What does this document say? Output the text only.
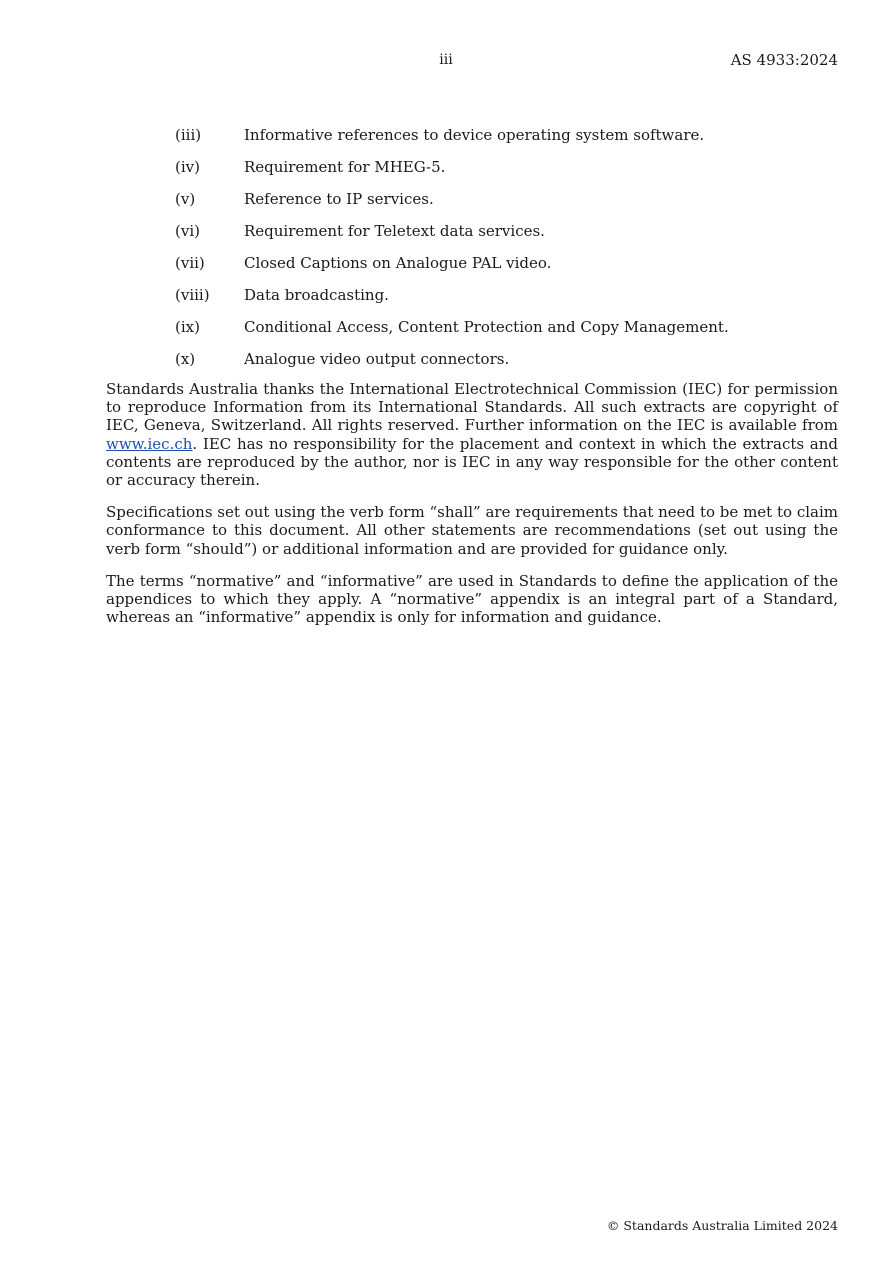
iii	AS 4933:2024
(iii)	Informative references to device operating system software.
(iv)	Requirement for MHEG-5.
(v)	Reference to IP services.
(vi)	Requirement for Teletext data services.
(vii)	Closed Captions on Analogue PAL video.
(viii)	Data broadcasting.
(ix)	Conditional Access, Content Protection and Copy Management.
(x)	Analogue video output connectors.

Standards Australia thanks the International Electrotechnical Commission (IEC) for permission to reproduce Information from its International Standards. All such extracts are copyright of IEC, Geneva, Switzerland. All rights reserved. Further information on the IEC is available from www.iec.ch. IEC has no responsibility for the placement and context in which the extracts and contents are reproduced by the author, nor is IEC in any way responsible for the other content or accuracy therein.

Specifications set out using the verb form “shall” are requirements that need to be met to claim conformance to this document. All other statements are recommendations (set out using the verb form “should”) or additional information and are provided for guidance only.

The terms “normative” and “informative” are used in Standards to define the application of the appendices to which they apply. A “normative” appendix is an integral part of a Standard, whereas an “informative” appendix is only for information and guidance.

© Standards Australia Limited 2024
